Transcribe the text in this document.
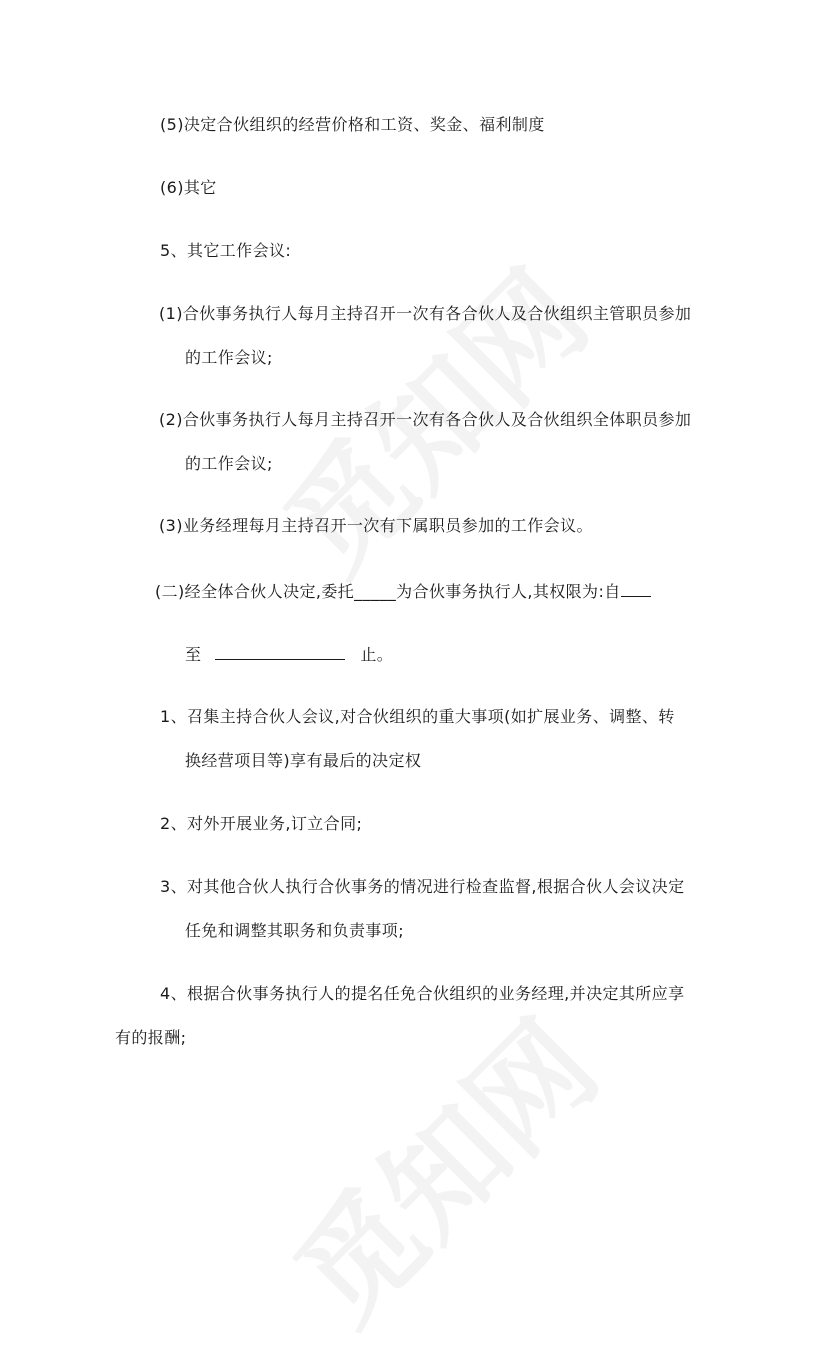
(5)决定合伙组织的经营价格和工资、奖金、福利制度
(6)其它
5、其它工作会议:
(1)合伙事务执行人每月主持召开一次有各合伙人及合伙组织主管职员参加
的工作会议;
(2)合伙事务执行人每月主持召开一次有各合伙人及合伙组织全体职员参加
的工作会议;
(3)业务经理每月主持召开一次有下属职员参加的工作会议。
(二)经全体合伙人决定,委托_____为合伙事务执行人,其权限为:自
至	止。
1、召集主持合伙人会议,对合伙组织的重大事项(如扩展业务、调整、转
换经营项目等)享有最后的决定权
2、对外开展业务,订立合同;
3、对其他合伙人执行合伙事务的情况进行检查监督,根据合伙人会议决定
任免和调整其职务和负责事项;
4、根据合伙事务执行人的提名任免合伙组织的业务经理,并决定其所应享
有的报酬;
